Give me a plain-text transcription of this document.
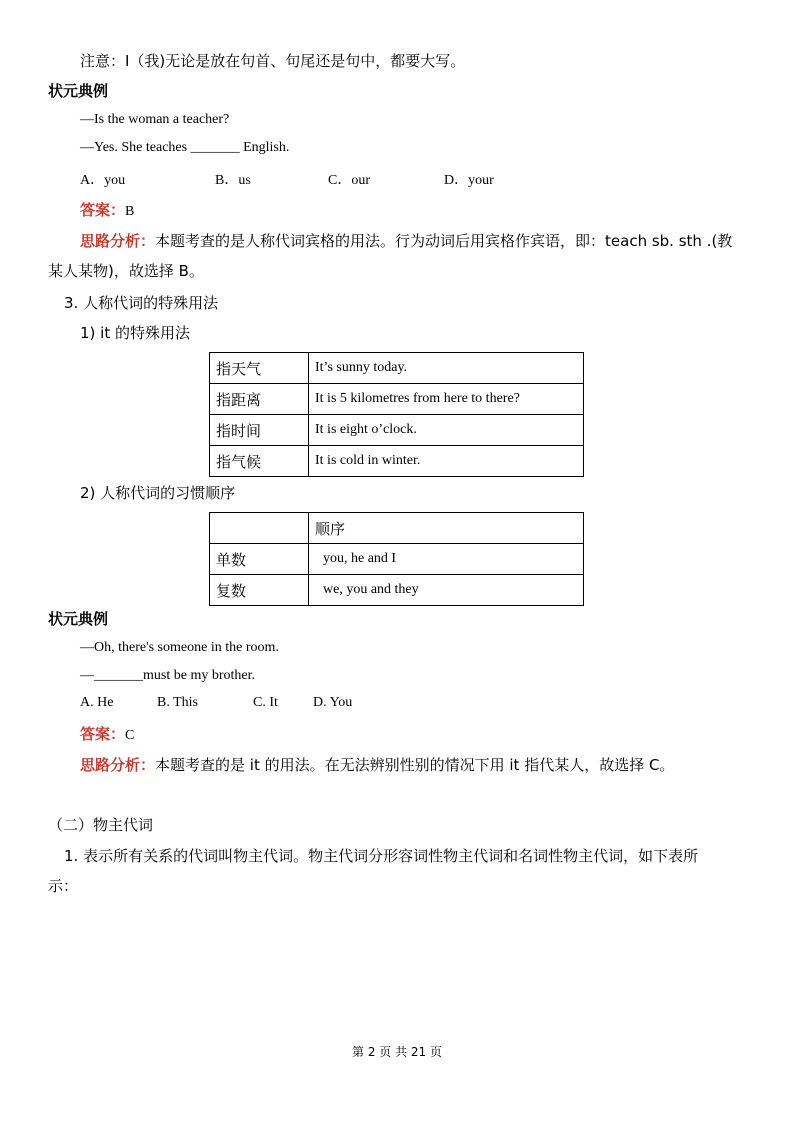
注意：I（我)无论是放在句首、句尾还是句中，都要大写。
状元典例
—Is the woman a teacher?
—Yes. She teaches _______ English.
A．you	B．us	C．our	D．your
答案：B
思路分析：本题考查的是人称代词宾格的用法。行为动词后用宾格作宾语，即：teach sb. sth .(教
某人某物)，故选择 B。
3. 人称代词的特殊用法
1) it 的特殊用法
指天气	It’s sunny today.
指距离	It is 5 kilometres from here to there?
指时间	It is eight o’clock.
指气候	It is cold in winter.
2) 人称代词的习惯顺序
	顺序
单数	you, he and I
复数	we, you and they
状元典例
—Oh, there's someone in the room.
—_______must be my brother.
A. He	B. This	C. It	D. You
答案：C
思路分析：本题考查的是 it 的用法。在无法辨别性别的情况下用 it 指代某人，故选择 C。
（二）物主代词
1. 表示所有关系的代词叫物主代词。物主代词分形容词性物主代词和名词性物主代词，如下表所
示：
第 2 页 共 21 页
